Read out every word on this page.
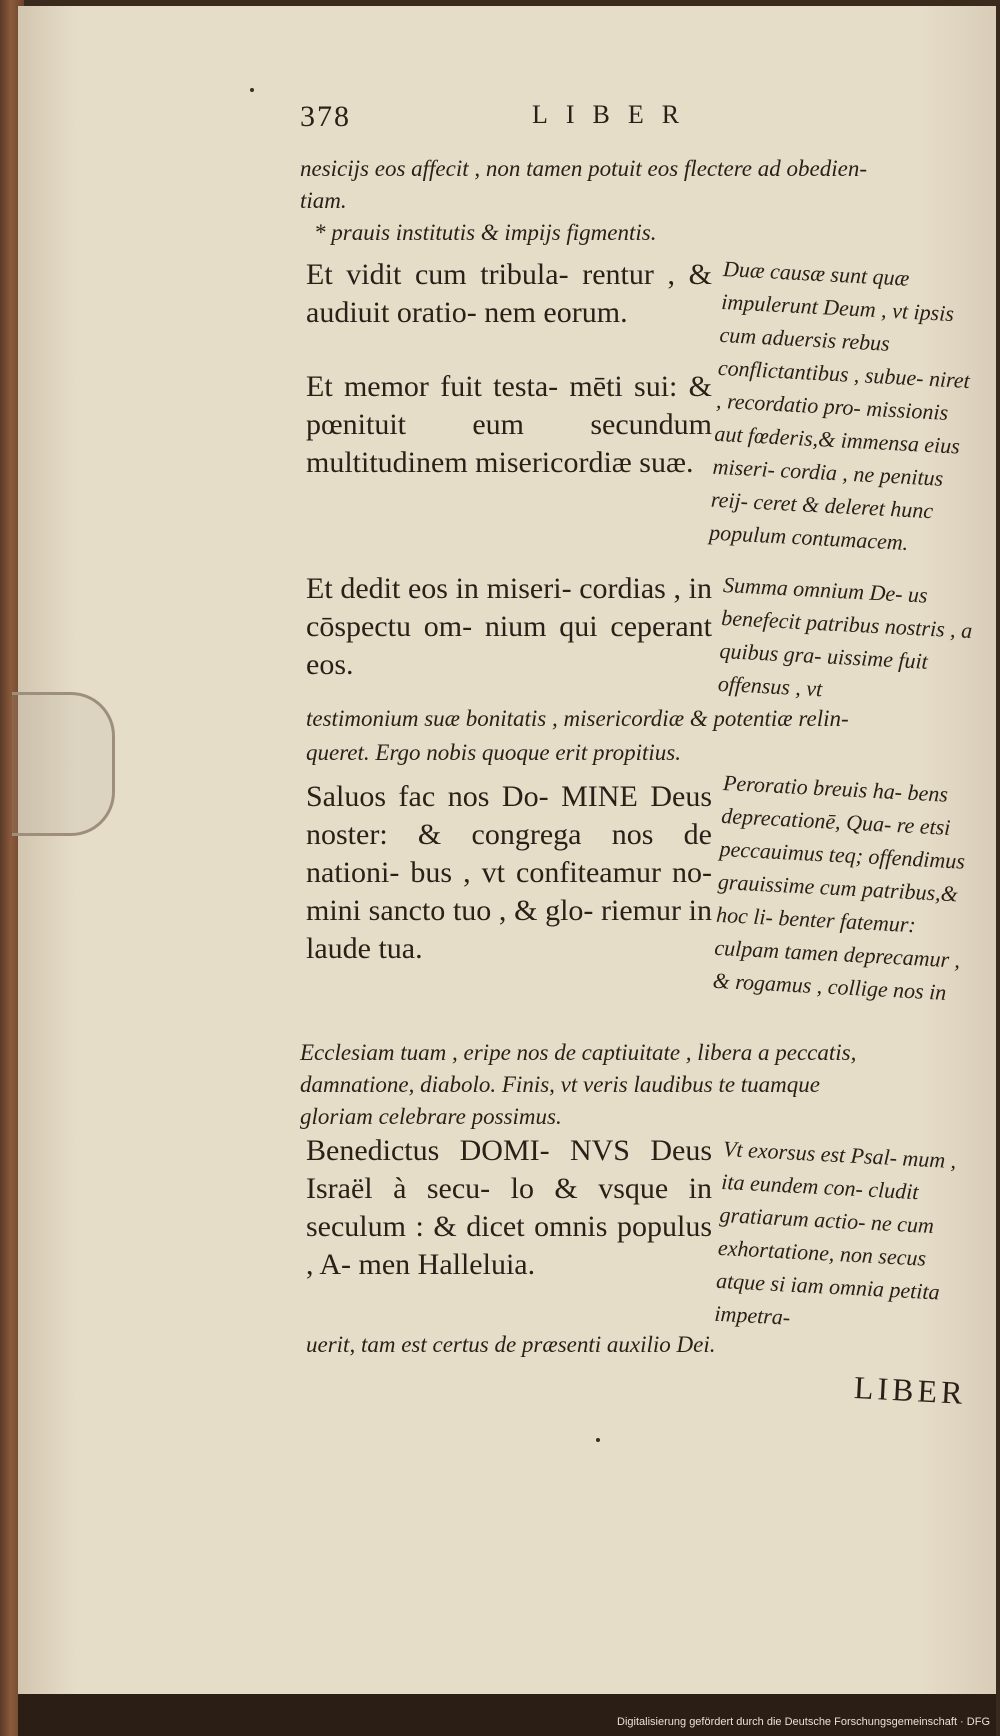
378	LIBER
nesicijs eos affecit , non tamen potuit eos flectere ad obedien-
tiam.
* prauis institutis & impijs figmentis.
Et vidit cum tribula- rentur , & audiuit oratio- nem eorum.
Et memor fuit testa- mēti sui: & pœnituit eum secundum multitudinem misericordiæ suæ.
Duæ causæ sunt quæ impulerunt Deum , vt ipsis cum aduersis rebus conflictantibus , subue- niret , recordatio pro- missionis aut fœderis,& immensa eius miseri- cordia , ne penitus reij- ceret & deleret hunc populum contumacem.
Et dedit eos in miseri- cordias , in cōspectu om- nium qui ceperant eos.
Summa omnium De- us benefecit patribus nostris , a quibus gra- uissime fuit offensus , vt
testimonium suæ bonitatis , misericordiæ & potentiæ relin-
queret. Ergo nobis quoque erit propitius.
Saluos fac nos Do- MINE Deus noster: & congrega nos de nationi- bus , vt confiteamur no- mini sancto tuo , & glo- riemur in laude tua.
Peroratio breuis ha- bens deprecationē, Qua- re etsi peccauimus teq; offendimus grauissime cum patribus,& hoc li- benter fatemur: culpam tamen deprecamur , & rogamus , collige nos in
Ecclesiam tuam , eripe nos de captiuitate , libera a peccatis,
damnatione, diabolo. Finis, vt veris laudibus te tuamque
gloriam celebrare possimus.
Benedictus DOMI- NVS Deus Israël à secu- lo & vsque in seculum : & dicet omnis populus , A- men Halleluia.
Vt exorsus est Psal- mum , ita eundem con- cludit gratiarum actio- ne cum exhortatione, non secus atque si iam omnia petita impetra-
uerit, tam est certus de præsenti auxilio Dei.
LIBER
Digitalisierung gefördert durch die Deutsche Forschungsgemeinschaft · DFG
